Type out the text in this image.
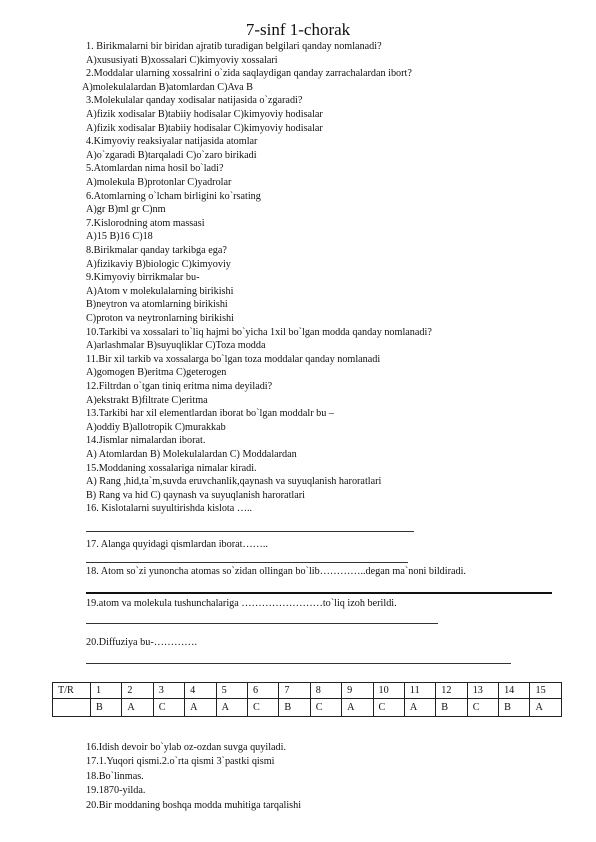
7-sinf 1-chorak
1. Birikmalarni bir biridan ajratib turadigan belgilari qanday nomlanadi?
A)xususiyati B)xossalari C)kimyoviy xossalari
2.Moddalar ularning xossalrini o`zida saqlaydigan qanday zarrachalardan ibort?
A)molekulalardan B)atomlardan C)Ava B
3.Molekulalar qanday xodisalar natijasida o`zgaradi?
A)fizik xodisalar B)tabiiy hodisalar C)kimyoviy hodisalar
A)fizik xodisalar B)tabiiy hodisalar C)kimyoviy hodisalar
4.Kimyoviy reaksiyalar natijasida atomlar
A)o`zgaradi B)tarqaladi C)o`zaro birikadi
5.Atomlardan nima hosil bo`ladi?
A)molekula B)protonlar C)yadrolar
6.Atomlarning o`lcham birligini ko`rsating
A)gr B)ml gr C)nm
7.Kislorodning atom massasi
A)15 B)16 C)18
8.Birikmalar qanday tarkibga ega?
A)fizikaviy B)biologic C)kimyoviy
9.Kimyoviy birrikmalar bu-
A)Atom v molekulalarning birikishi
B)neytron va atomlarning birikishi
C)proton va neytronlarning birikishi
10.Tarkibi va xossalari to`liq hajmi bo`yicha 1xil bo`lgan modda qanday nomlanadi?
A)arlashmalar B)suyuqliklar C)Toza modda
11.Bir xil tarkib va xossalarga bo`lgan toza moddalar qanday nomlanadi
A)gomogen B)eritma C)geterogen
12.Filtrdan o`tgan tiniq eritma nima deyiladi?
A)ekstrakt B)filtrate C)eritma
13.Tarkibi har xil elementlardan iborat bo`lgan moddalr bu –
A)oddiy B)allotropik C)murakkab
14.Jismlar nimalardan iborat.
A) Atomlardan B) Molekulalardan C) Moddalardan
15.Moddaning xossalariga nimalar kiradi.
A) Rang ,hid,ta`m,suvda eruvchanlik,qaynash va suyuqlanish haroratlari
B) Rang va hid C) qaynash va suyuqlanish haroratlari
16. Kislotalarni suyultirishda kislota …..
17. Alanga quyidagi qismlardan iborat……..
18. Atom so`zi yunoncha atomas so`zidan ollingan bo`lib…………..degan ma`noni bildiradi.
19.atom va molekula tushunchalariga ……………………to`liq izoh berildi.
20.Diffuziya bu-………….
T/R	1	2	3	4	5	6	7	8	9	10	11	12	13	14	15
	B	A	C	A	A	C	B	C	A	C	A	B	C	B	A
16.Idish devoir bo`ylab oz-ozdan suvga quyiladi.
17.1.Yuqori qismi.2.o`rta qismi 3`pastki qismi
18.Bo`linmas.
19.1870-yilda.
20.Bir moddaning boshqa modda muhitiga tarqalishi
